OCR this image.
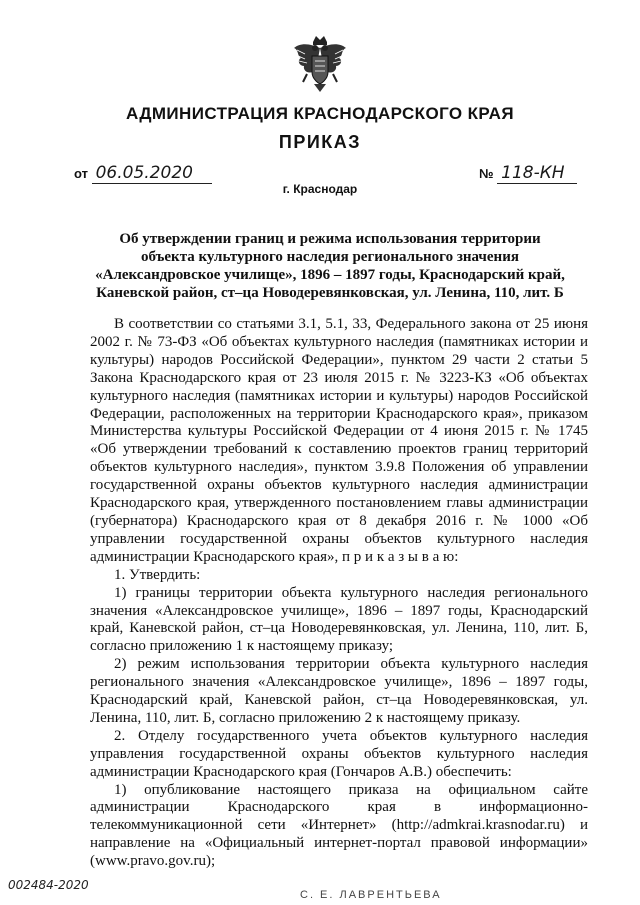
АДМИНИСТРАЦИЯ КРАСНОДАРСКОГО КРАЯ
ПРИКАЗ
от 06.05.2020	№ 118-КН
г. Краснодар
Об утверждении границ и режима использования территории
объекта культурного наследия регионального значения
«Александровское училище», 1896 – 1897 годы, Краснодарский край,
Каневской район, ст–ца Новодеревянковская, ул. Ленина, 110, лит. Б

В соответствии со статьями 3.1, 5.1, 33, Федерального закона от 25 июня 2002 г. № 73-ФЗ «Об объектах культурного наследия (памятниках истории и культуры) народов Российской Федерации», пунктом 29 части 2 статьи 5 Закона Краснодарского края от 23 июля 2015 г. № 3223-КЗ «Об объектах культурного наследия (памятниках истории и культуры) народов Российской Федерации, расположенных на территории Краснодарского края», приказом Министерства культуры Российской Федерации от 4 июня 2015 г. № 1745 «Об утверждении требований к составлению проектов границ территорий объектов культурного наследия», пунктом 3.9.8 Положения об управлении государственной охраны объектов культурного наследия администрации Краснодарского края, утвержденного постановлением главы администрации (губернатора) Краснодарского края от 8 декабря 2016 г. № 1000 «Об управлении государственной охраны объектов культурного наследия администрации Краснодарского края», п р и к а з ы в а ю:

1. Утвердить:

1) границы территории объекта культурного наследия регионального значения «Александровское училище», 1896 – 1897 годы, Краснодарский край, Каневской район, ст–ца Новодеревянковская, ул. Ленина, 110, лит. Б, согласно приложению 1 к настоящему приказу;

2) режим использования территории объекта культурного наследия регионального значения «Александровское училище», 1896 – 1897 годы, Краснодарский край, Каневской район, ст–ца Новодеревянковская, ул. Ленина, 110, лит. Б, согласно приложению 2 к настоящему приказу.

2. Отделу государственного учета объектов культурного наследия управления государственной охраны объектов культурного наследия администрации Краснодарского края (Гончаров А.В.) обеспечить:

1) опубликование настоящего приказа на официальном сайте администрации Краснодарского края в информационно-телекоммуникационной сети «Интернет» (http://admkrai.krasnodar.ru) и направление на «Официальный интернет-портал правовой информации» (www.pravo.gov.ru);

002484-2020
С. Е. ЛАВРЕНТЬЕВА
